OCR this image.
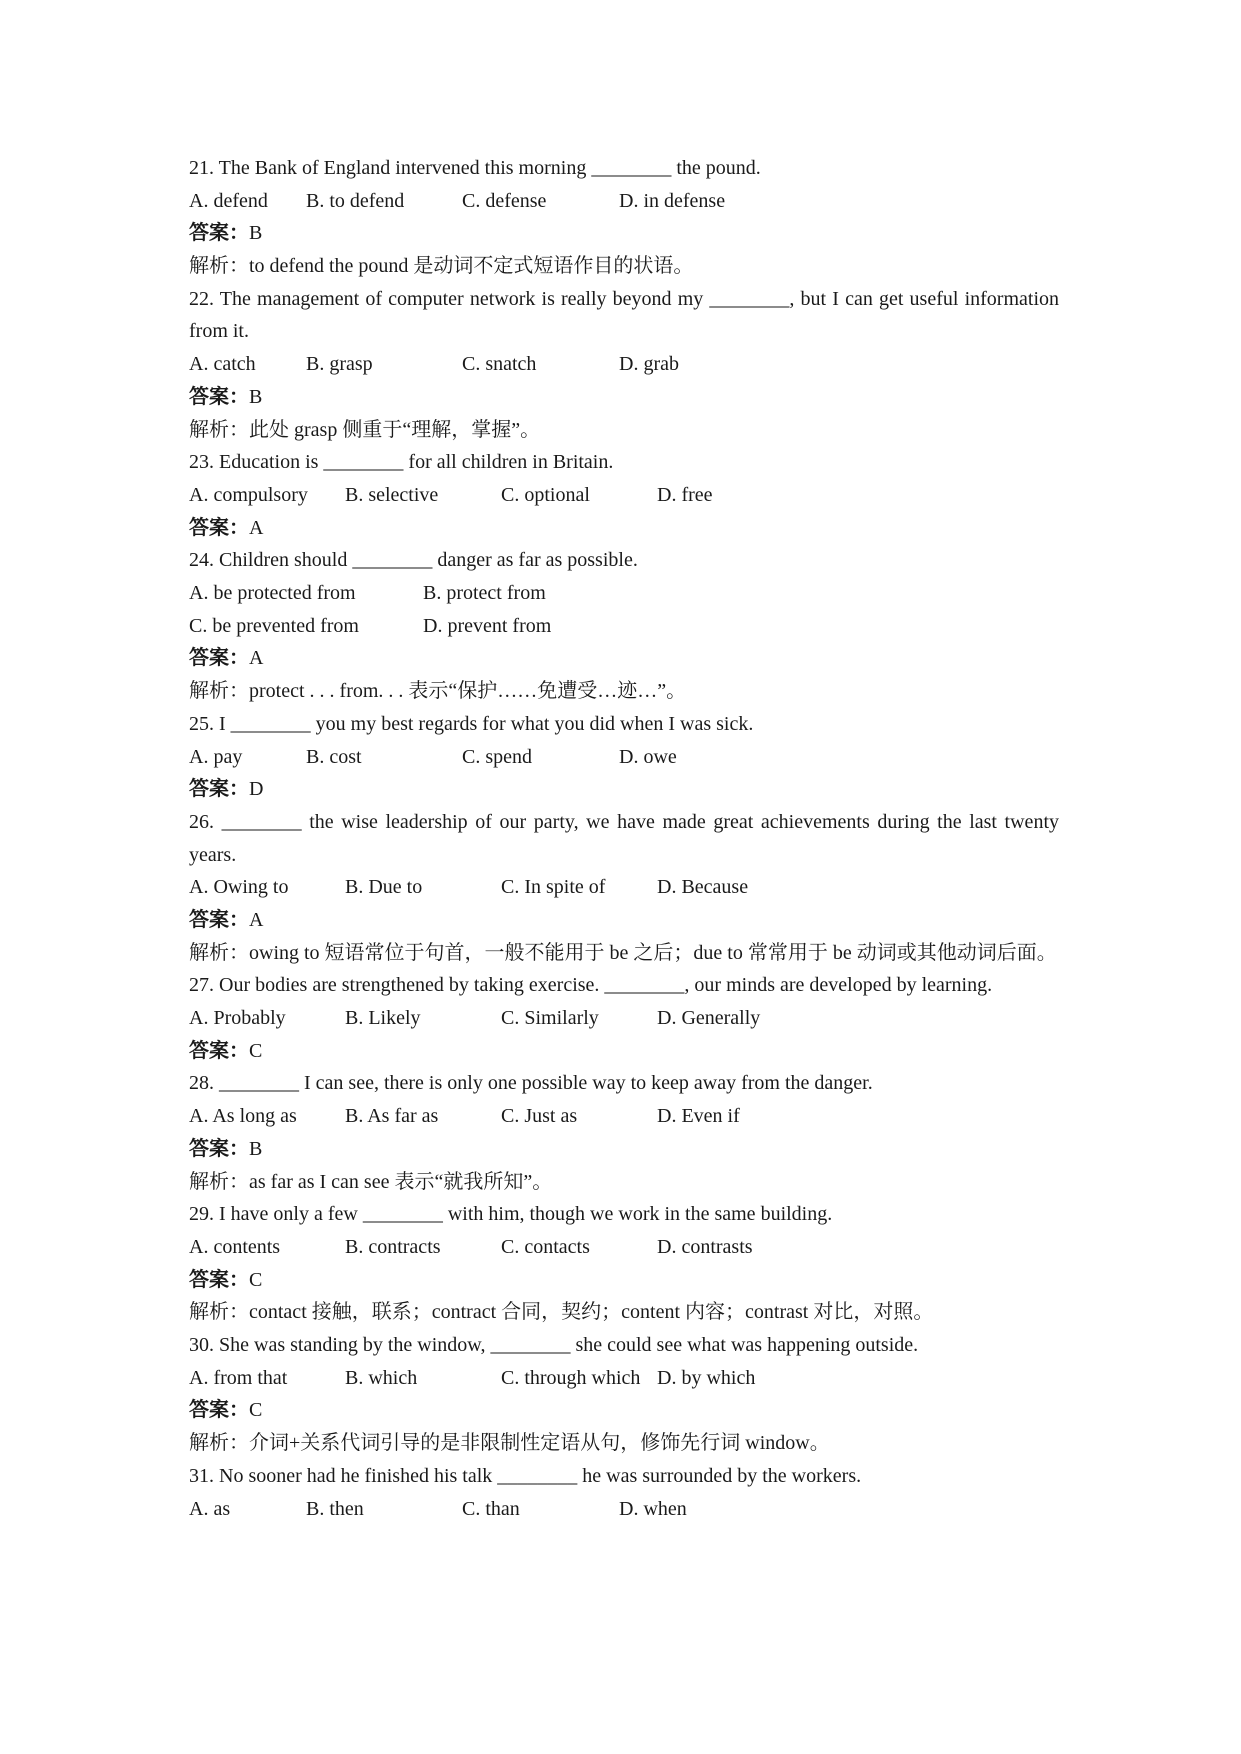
21. The Bank of England intervened this morning ________ the pound.
A. defend B. to defend	C. defense	D. in defense
答案：B
解析：to defend the pound 是动词不定式短语作目的状语。
22. The management of computer network is really beyond my ________, but I can get useful information from it.
A. catch	B. grasp	C. snatch	D. grab
答案：B
解析：此处 grasp 侧重于“理解，掌握”。
23. Education is ________ for all children in Britain.
A. compulsory B. selective	C. optional	D. free
答案：A
24. Children should ________ danger as far as possible.
A. be protected from	B. protect from
C. be prevented from	D. prevent from
答案：A
解析：protect . . . from. . . 表示“保护……免遭受…迹…”。
25. I ________ you my best regards for what you did when I was sick.
A. pay	B. cost	C. spend	D. owe
答案：D
26. ________ the wise leadership of our party, we have made great achievements during the last twenty years.
A. Owing to	B. Due to	C. In spite of	D. Because
答案：A
解析：owing to 短语常位于句首，一般不能用于 be 之后；due to 常常用于 be 动词或其他动词后面。
27. Our bodies are strengthened by taking exercise. ________, our minds are developed by learning.
A. Probably	B. Likely	C. Similarly	D. Generally
答案：C
28. ________ I can see, there is only one possible way to keep away from the danger.
A. As long as B. As far as	C. Just as	D. Even if
答案：B
解析：as far as I can see 表示“就我所知”。
29. I have only a few ________ with him, though we work in the same building.
A. contents	B. contracts	C. contacts	D. contrasts
答案：C
解析：contact 接触，联系；contract 合同，契约；content 内容；contrast 对比，对照。
30. She was standing by the window, ________ she could see what was happening outside.
A. from that	B. which	C. through which D. by which
答案：C
解析：介词+关系代词引导的是非限制性定语从句，修饰先行词 window。
31. No sooner had he finished his talk ________ he was surrounded by the workers.
A. as	B. then	C. than	D. when
